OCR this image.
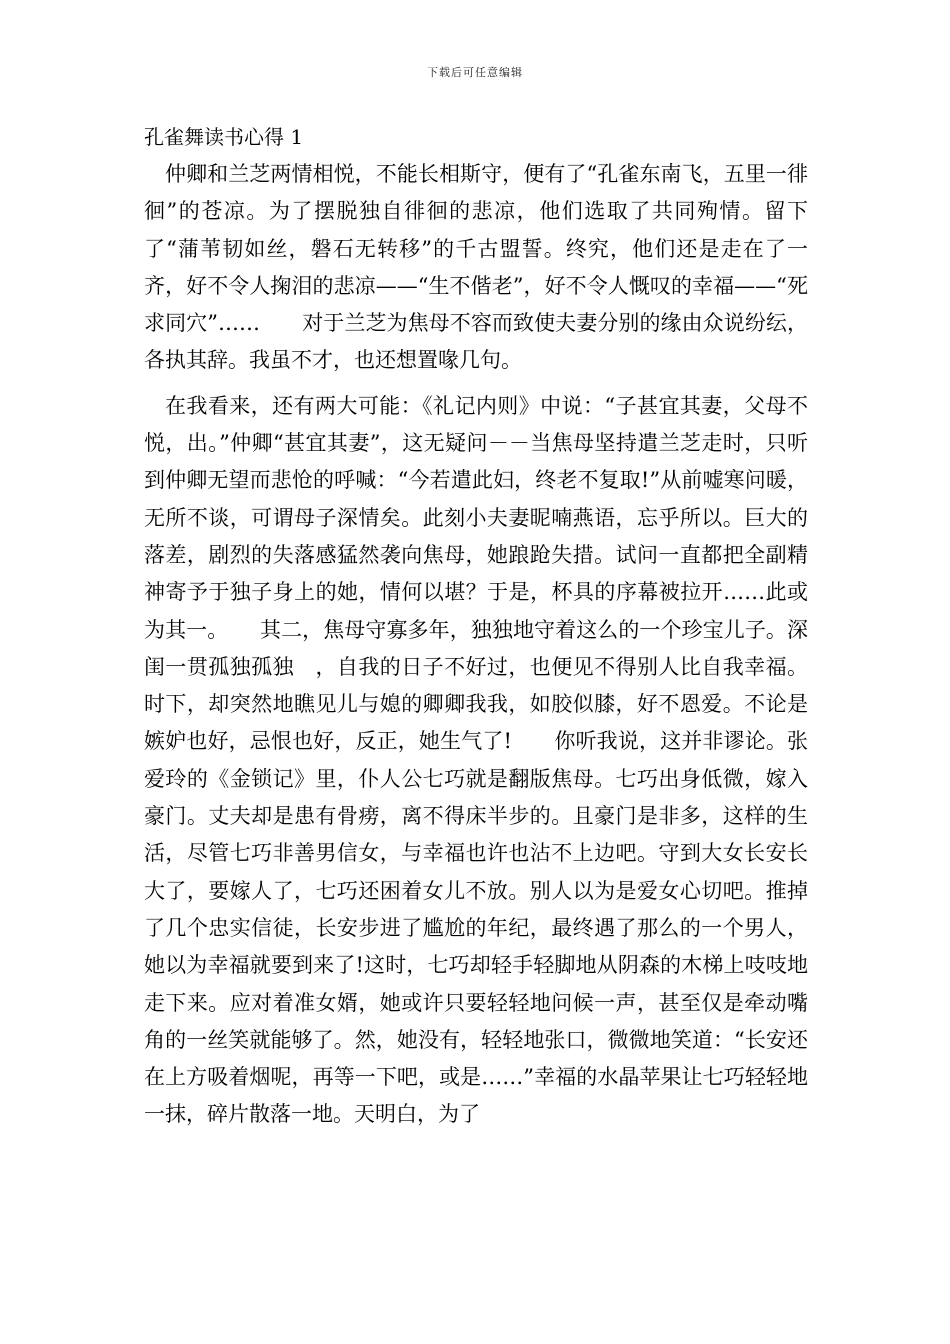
下载后可任意编辑
孔雀舞读书心得 1

仲卿和兰芝两情相悦，不能长相斯守，便有了“孔雀东南飞，五里一徘徊”的苍凉。为了摆脱独自徘徊的悲凉，他们选取了共同殉情。留下了“蒲苇韧如丝，磐石无转移”的千古盟誓。终究，他们还是走在了一齐，好不令人掬泪的悲凉——“生不偕老”，好不令人慨叹的幸福——“死求同穴”……　　对于兰芝为焦母不容而致使夫妻分别的缘由众说纷纭，各执其辞。我虽不才，也还想置喙几句。

在我看来，还有两大可能：《礼记内则》中说：“子甚宜其妻，父母不悦，出。”仲卿“甚宜其妻”，这无疑问－－当焦母坚持遣兰芝走时，只听到仲卿无望而悲怆的呼喊：“今若遣此妇，终老不复取!”从前嘘寒问暖，无所不谈，可谓母子深情矣。此刻小夫妻昵喃燕语，忘乎所以。巨大的落差，剧烈的失落感猛然袭向焦母，她踉跄失措。试问一直都把全副精神寄予于独子身上的她，情何以堪？于是，杯具的序幕被拉开……此或为其一。　　其二，焦母守寡多年，独独地守着这么的一个珍宝儿子。深闺一贯孤独孤独　，自我的日子不好过，也便见不得别人比自我幸福。时下，却突然地瞧见儿与媳的卿卿我我，如胶似膝，好不恩爱。不论是嫉妒也好，忌恨也好，反正，她生气了!　　你听我说，这并非谬论。张爱玲的《金锁记》里，仆人公七巧就是翻版焦母。七巧出身低微，嫁入豪门。丈夫却是患有骨痨，离不得床半步的。且豪门是非多，这样的生活，尽管七巧非善男信女，与幸福也许也沾不上边吧。守到大女长安长大了，要嫁人了，七巧还困着女儿不放。别人以为是爱女心切吧。推掉了几个忠实信徒，长安步进了尴尬的年纪，最终遇了那么的一个男人，她以为幸福就要到来了!这时，七巧却轻手轻脚地从阴森的木梯上吱吱地走下来。应对着准女婿，她或许只要轻轻地问候一声，甚至仅是牵动嘴角的一丝笑就能够了。然，她没有，轻轻地张口，微微地笑道：“长安还在上方吸着烟呢，再等一下吧，或是……”幸福的水晶苹果让七巧轻轻地一抹，碎片散落一地。天明白，为了
